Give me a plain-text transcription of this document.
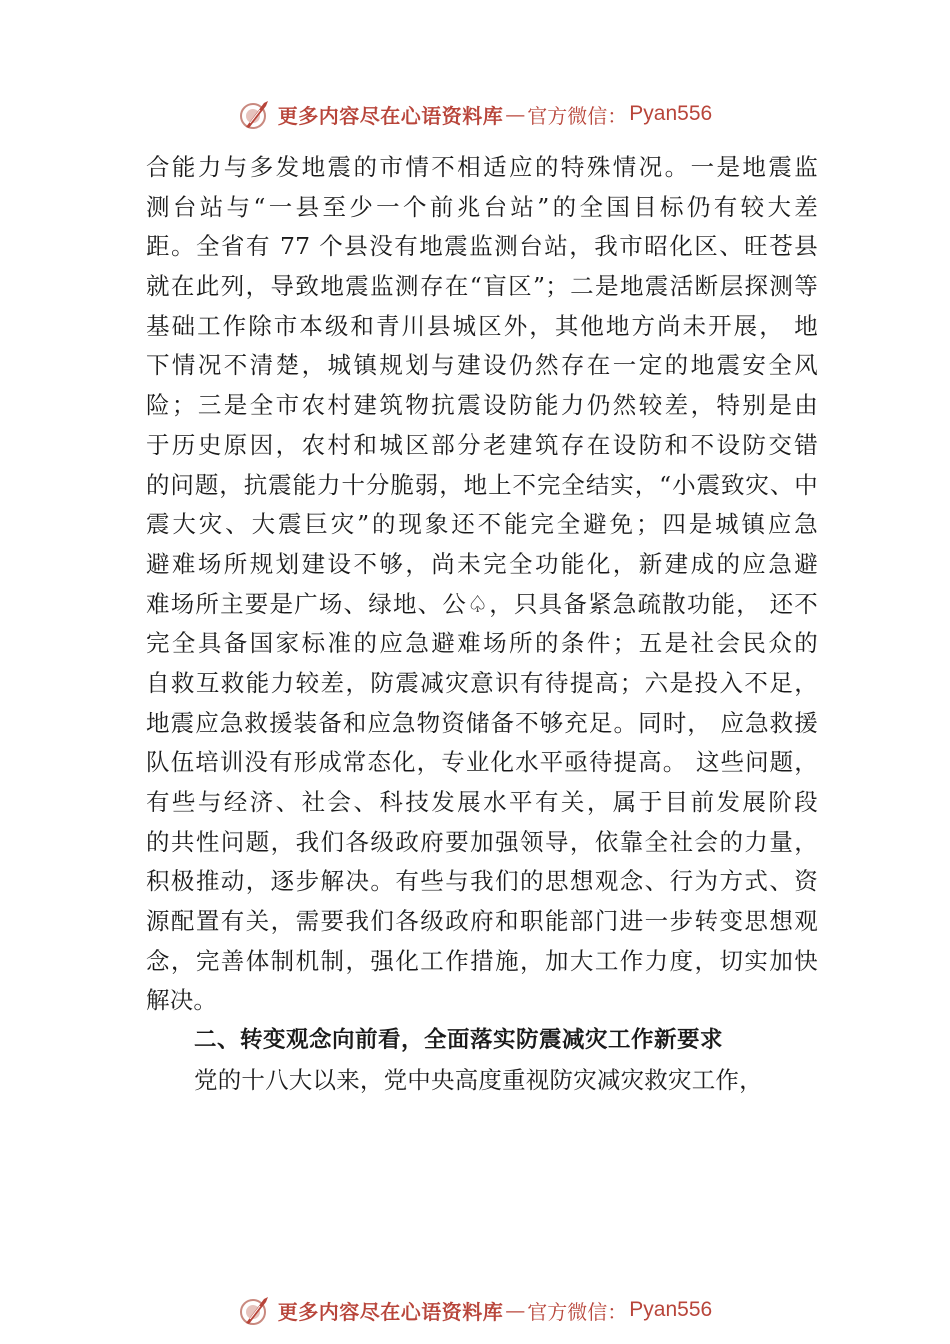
更多内容尽在心语资料库 — 官方微信： Pyan556
合能力与多发地震的市情不相适应的特殊情况。一是地震监
测台站与“一县至少一个前兆台站”的全国目标仍有较大差
距。全省有 77 个县没有地震监测台站，我市昭化区、旺苍县
就在此列，导致地震监测存在“盲区”；二是地震活断层探测等
基础工作除市本级和青川县城区外，其他地方尚未开展， 地
下情况不清楚，城镇规划与建设仍然存在一定的地震安全风
险；三是全市农村建筑物抗震设防能力仍然较差，特别是由
于历史原因，农村和城区部分老建筑存在设防和不设防交错
的问题，抗震能力十分脆弱，地上不完全结实，“小震致灾、中
震大灾、大震巨灾”的现象还不能完全避免；四是城镇应急
避难场所规划建设不够，尚未完全功能化，新建成的应急避
难场所主要是广场、绿地、公♤，只具备紧急疏散功能， 还不
完全具备国家标准的应急避难场所的条件；五是社会民众的
自救互救能力较差，防震减灾意识有待提高；六是投入不足，
地震应急救援装备和应急物资储备不够充足。同时， 应急救援
队伍培训没有形成常态化，专业化水平亟待提高。 这些问题，
有些与经济、社会、科技发展水平有关，属于目前发展阶段
的共性问题，我们各级政府要加强领导，依靠全社会的力量，
积极推动，逐步解决。有些与我们的思想观念、行为方式、资
源配置有关，需要我们各级政府和职能部门进一步转变思想观
念，完善体制机制，强化工作措施，加大工作力度，切实加快
解决。
二、转变观念向前看，全面落实防震减灾工作新要求
党的十八大以来，党中央高度重视防灾减灾救灾工作，
更多内容尽在心语资料库 — 官方微信： Pyan556
